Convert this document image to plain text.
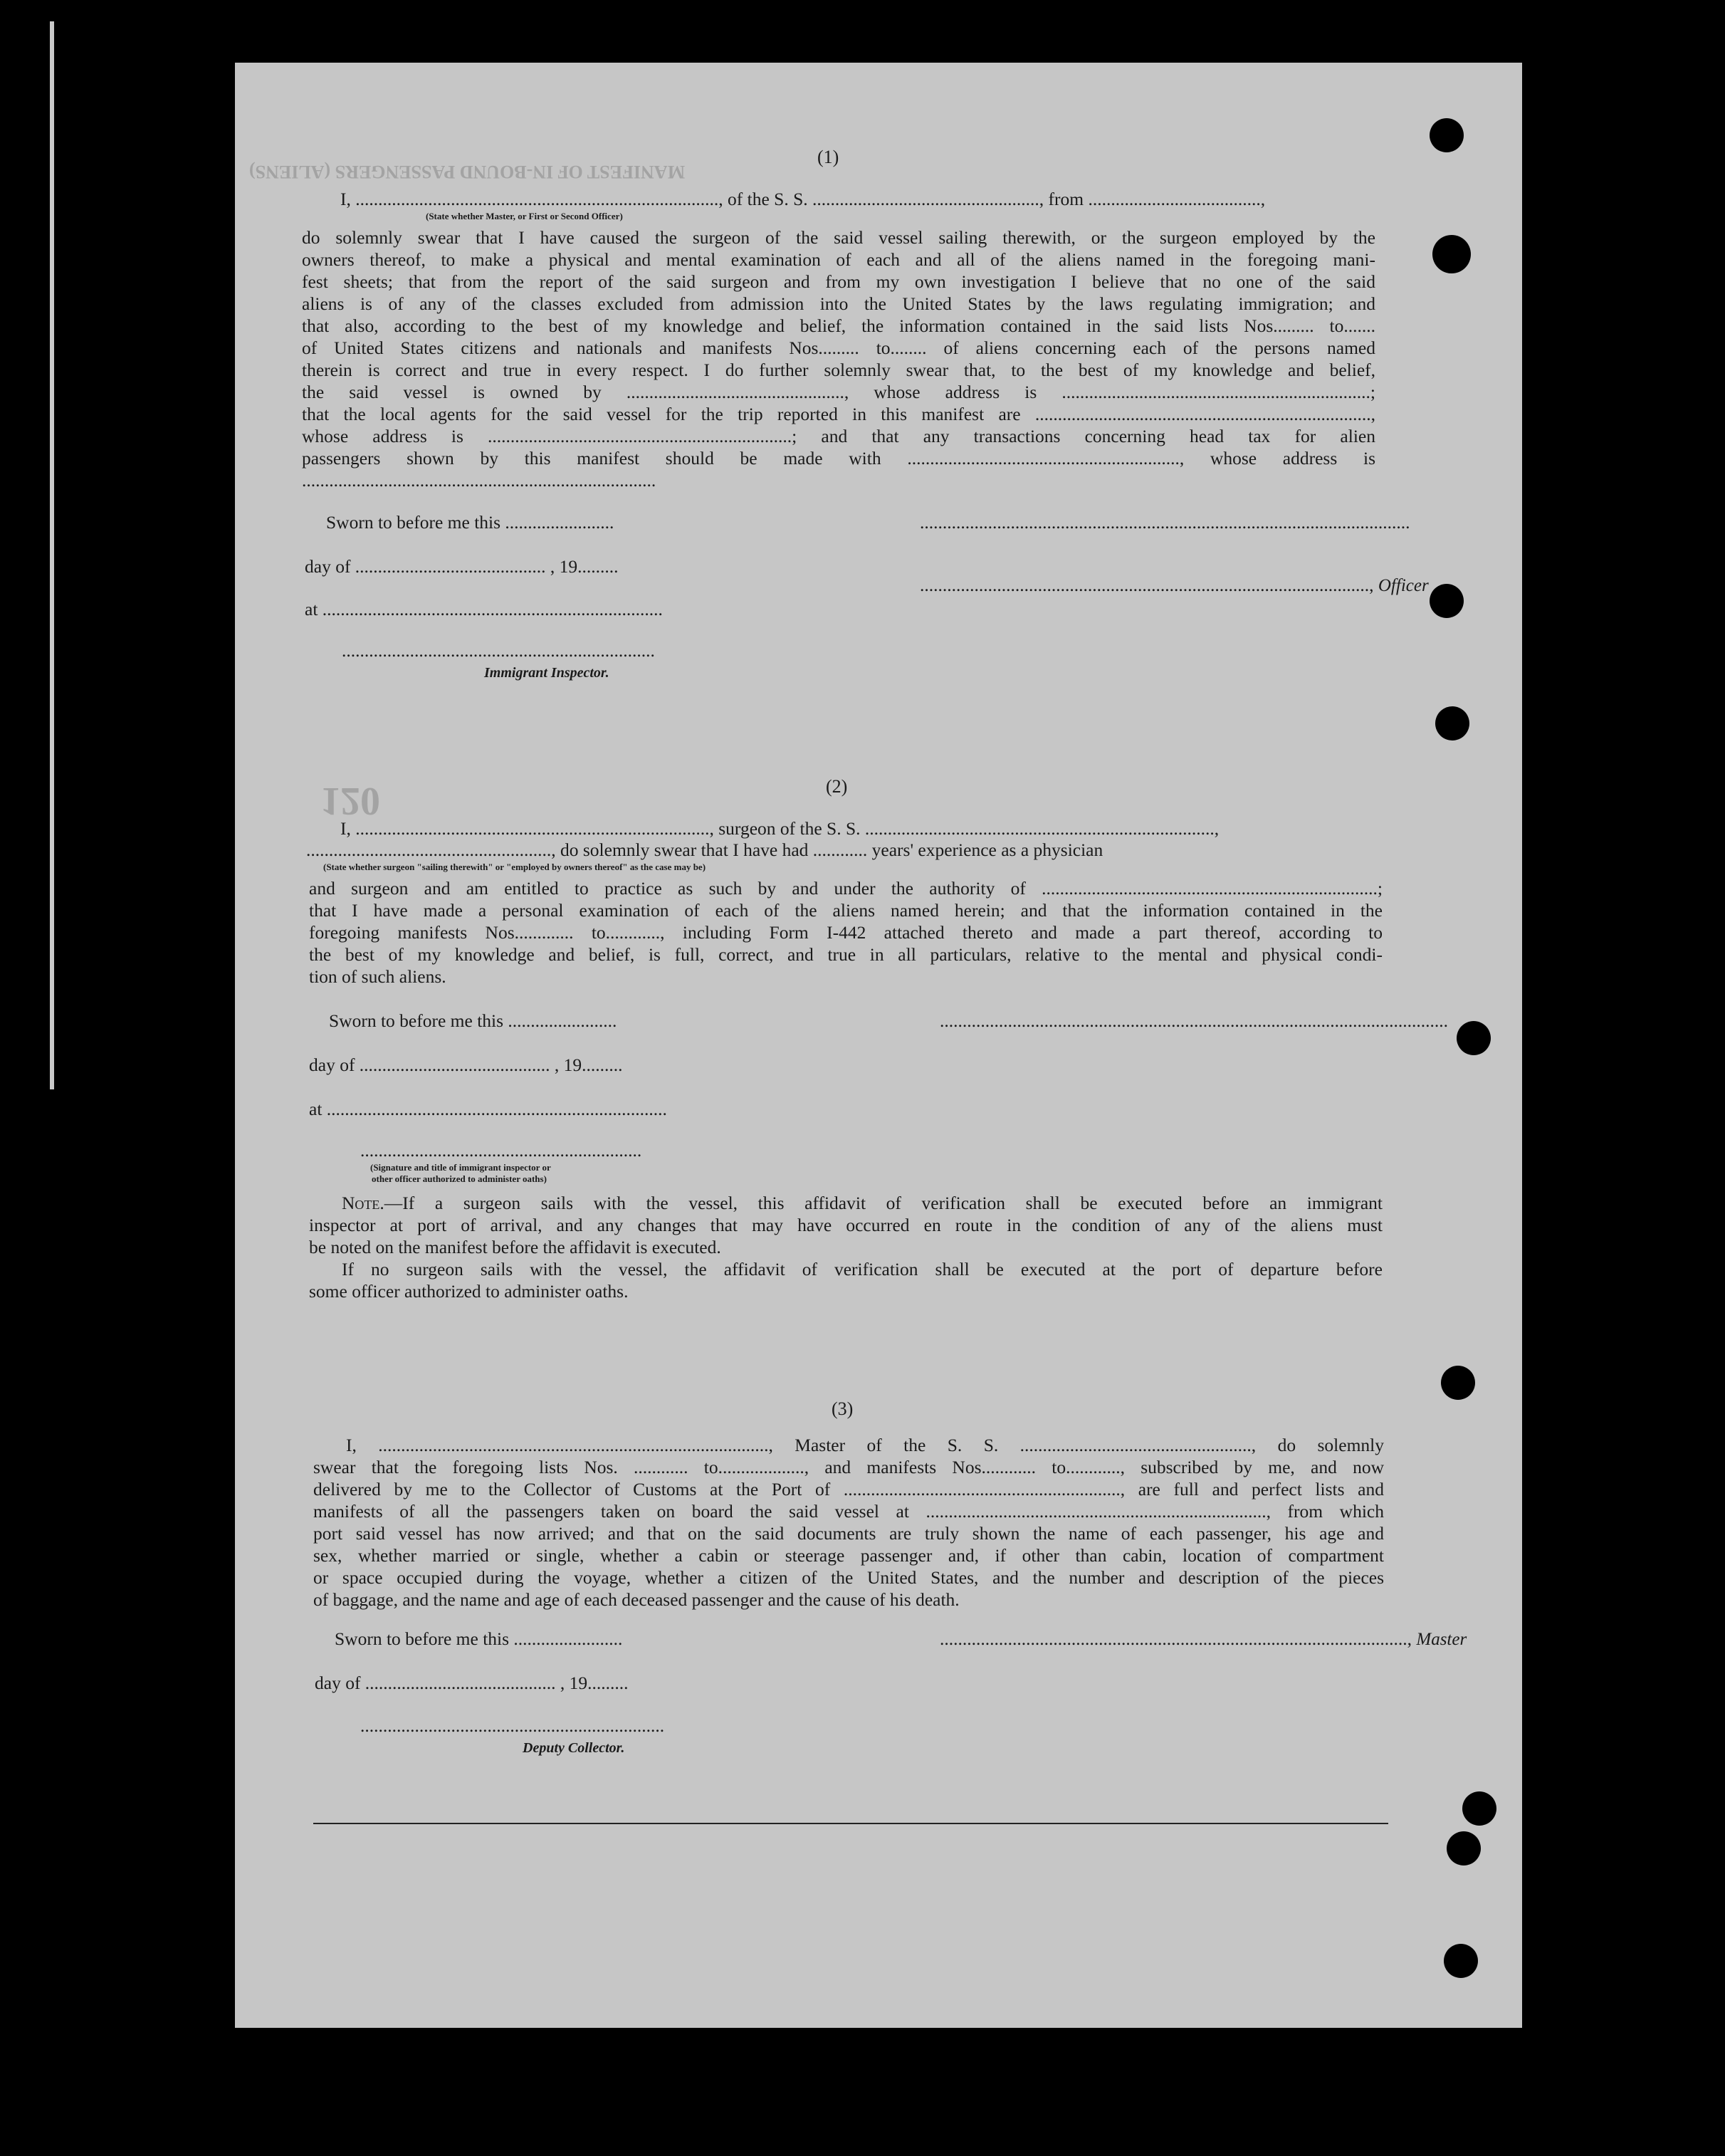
MANIFEST OF IN-BOUND PASSENGERS (ALIENS)
120
(1)
I, ................................................................................, of the S. S. .................................................., from ......................................,
(State whether Master, or First or Second Officer)
do solemnly swear that I have caused the surgeon of the said vessel sailing therewith, or the surgeon employed by the
owners thereof, to make a physical and mental examination of each and all of the aliens named in the foregoing mani-
fest sheets; that from the report of the said surgeon and from my own investigation I believe that no one of the said
aliens is of any of the classes excluded from admission into the United States by the laws regulating immigration; and
that also, according to the best of my knowledge and belief, the information contained in the said lists Nos......... to.......
of United States citizens and nationals and manifests Nos......... to........ of aliens concerning each of the persons named
therein is correct and true in every respect. I do further solemnly swear that, to the best of my knowledge and belief,
the said vessel is owned by ................................................, whose address is ....................................................................;
that the local agents for the said vessel for the trip reported in this manifest are ..........................................................................,
whose address is ...................................................................; and that any transactions concerning head tax for alien
passengers shown by this manifest should be made with ............................................................, whose address is
..............................................................................
Sworn to before me this ........................	............................................................................................................
day of .......................................... , 19.........
..................................................................................................., Officer
at ...........................................................................
.....................................................................
Immigrant Inspector.
(2)
I, .............................................................................., surgeon of the S. S. .............................................................................,
......................................................, do solemnly swear that I have had ............ years' experience as a physician
(State whether surgeon "sailing therewith" or "employed by owners thereof" as the case may be)
and surgeon and am entitled to practice as such by and under the authority of ..........................................................................;
that I have made a personal examination of each of the aliens named herein; and that the information contained in the
foregoing manifests Nos............. to............, including Form I-442 attached thereto and made a part thereof, according to
the best of my knowledge and belief, is full, correct, and true in all particulars, relative to the mental and physical condi-
tion of such aliens.
Sworn to before me this ........................	................................................................................................................
day of .......................................... , 19.........
at ...........................................................................
..............................................................
(Signature and title of immigrant inspector or
other officer authorized to administer oaths)
Note.—If a surgeon sails with the vessel, this affidavit of verification shall be executed before an immigrant
inspector at port of arrival, and any changes that may have occurred en route in the condition of any of the aliens must
be noted on the manifest before the affidavit is executed.
If no surgeon sails with the vessel, the affidavit of verification shall be executed at the port of departure before
some officer authorized to administer oaths.
(3)
I, ......................................................................................, Master of the S. S. ..................................................., do solemnly
swear that the foregoing lists Nos. ............ to..................., and manifests Nos............ to............, subscribed by me, and now
delivered by me to the Collector of Customs at the Port of ............................................................., are full and perfect lists and
manifests of all the passengers taken on board the said vessel at ..........................................................................., from which
port said vessel has now arrived; and that on the said documents are truly shown the name of each passenger, his age and
sex, whether married or single, whether a cabin or steerage passenger and, if other than cabin, location of compartment
or space occupied during the voyage, whether a citizen of the United States, and the number and description of the pieces
of baggage, and the name and age of each deceased passenger and the cause of his death.
Sworn to before me this ........................	......................................................................................................., Master
day of .......................................... , 19.........
...................................................................
Deputy Collector.
